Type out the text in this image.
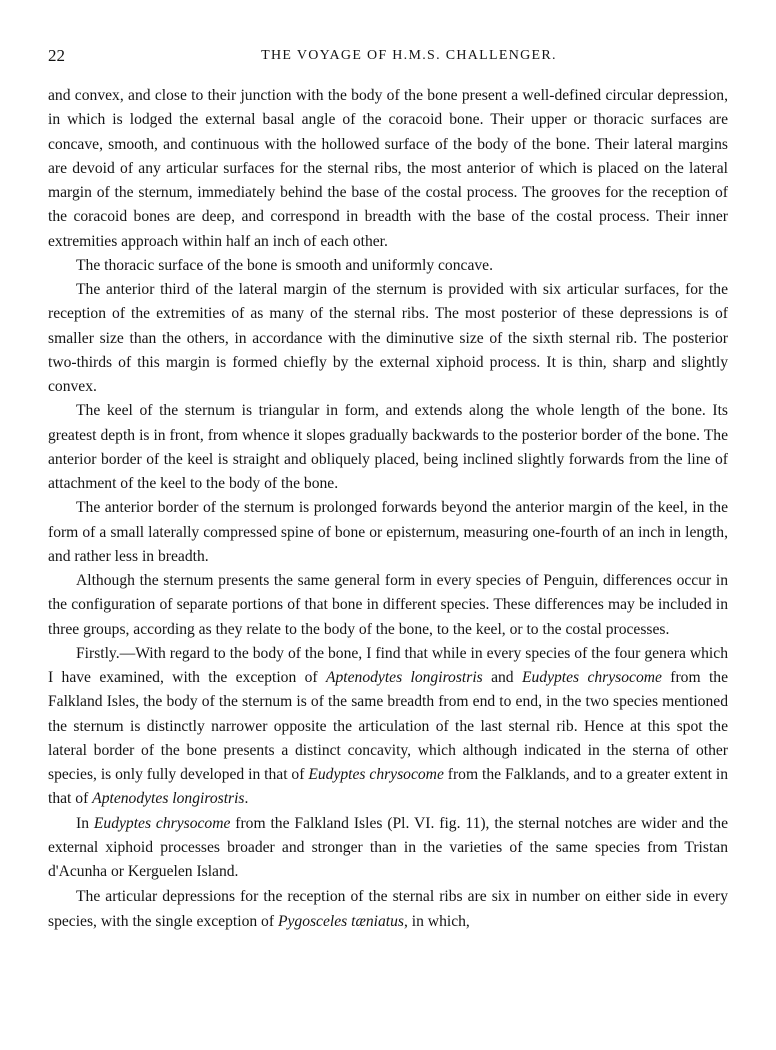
22	THE VOYAGE OF H.M.S. CHALLENGER.

and convex, and close to their junction with the body of the bone present a well-defined circular depression, in which is lodged the external basal angle of the coracoid bone. Their upper or thoracic surfaces are concave, smooth, and continuous with the hollowed surface of the body of the bone. Their lateral margins are devoid of any articular surfaces for the sternal ribs, the most anterior of which is placed on the lateral margin of the sternum, immediately behind the base of the costal process. The grooves for the reception of the coracoid bones are deep, and correspond in breadth with the base of the costal process. Their inner extremities approach within half an inch of each other.

The thoracic surface of the bone is smooth and uniformly concave.

The anterior third of the lateral margin of the sternum is provided with six articular surfaces, for the reception of the extremities of as many of the sternal ribs. The most posterior of these depressions is of smaller size than the others, in accordance with the diminutive size of the sixth sternal rib. The posterior two-thirds of this margin is formed chiefly by the external xiphoid process. It is thin, sharp and slightly convex.

The keel of the sternum is triangular in form, and extends along the whole length of the bone. Its greatest depth is in front, from whence it slopes gradually backwards to the posterior border of the bone. The anterior border of the keel is straight and obliquely placed, being inclined slightly forwards from the line of attachment of the keel to the body of the bone.

The anterior border of the sternum is prolonged forwards beyond the anterior margin of the keel, in the form of a small laterally compressed spine of bone or episternum, measuring one-fourth of an inch in length, and rather less in breadth.

Although the sternum presents the same general form in every species of Penguin, differences occur in the configuration of separate portions of that bone in different species. These differences may be included in three groups, according as they relate to the body of the bone, to the keel, or to the costal processes.

Firstly.—With regard to the body of the bone, I find that while in every species of the four genera which I have examined, with the exception of Aptenodytes longirostris and Eudyptes chrysocome from the Falkland Isles, the body of the sternum is of the same breadth from end to end, in the two species mentioned the sternum is distinctly narrower opposite the articulation of the last sternal rib. Hence at this spot the lateral border of the bone presents a distinct concavity, which although indicated in the sterna of other species, is only fully developed in that of Eudyptes chrysocome from the Falklands, and to a greater extent in that of Aptenodytes longirostris.

In Eudyptes chrysocome from the Falkland Isles (Pl. VI. fig. 11), the sternal notches are wider and the external xiphoid processes broader and stronger than in the varieties of the same species from Tristan d'Acunha or Kerguelen Island.

The articular depressions for the reception of the sternal ribs are six in number on either side in every species, with the single exception of Pygosceles tæniatus, in which,
